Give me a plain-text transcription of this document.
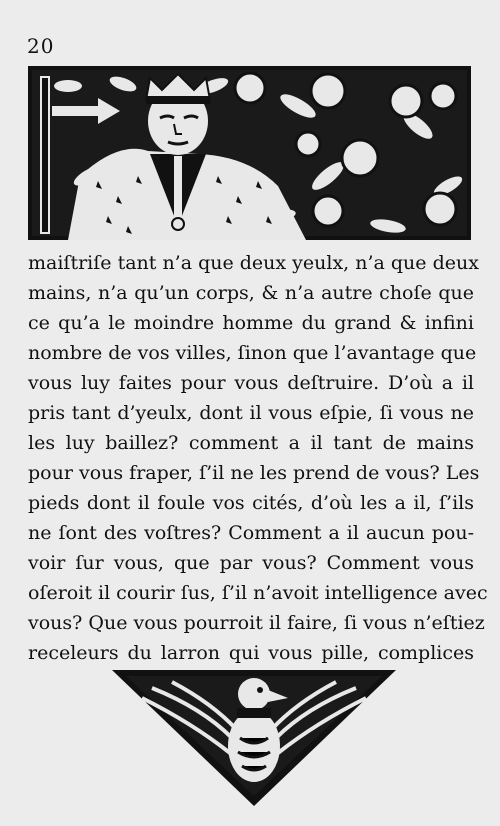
20
maiſtriſe tant n’a que deux yeulx, n’a que deux
mains, n’a qu’un corps, & n’a autre choſe que
ce qu’a le moindre homme du grand & infini
nombre de vos villes, ſinon que l’avantage que
vous luy faites pour vous deſtruire. D’où a il
pris tant d’yeulx, dont il vous eſpie, ſi vous ne
les luy baillez? comment a il tant de mains
pour vous fraper, ſ’il ne les prend de vous? Les
pieds dont il foule vos cités, d’où les a il, ſ’ils
ne ſont des voſtres? Comment a il aucun pou-
voir ſur vous, que par vous? Comment vous
oſeroit il courir ſus, ſ’il n’avoit intelligence avec
vous? Que vous pourroit il faire, ſi vous n’eſtiez
receleurs du larron qui vous pille, complices
